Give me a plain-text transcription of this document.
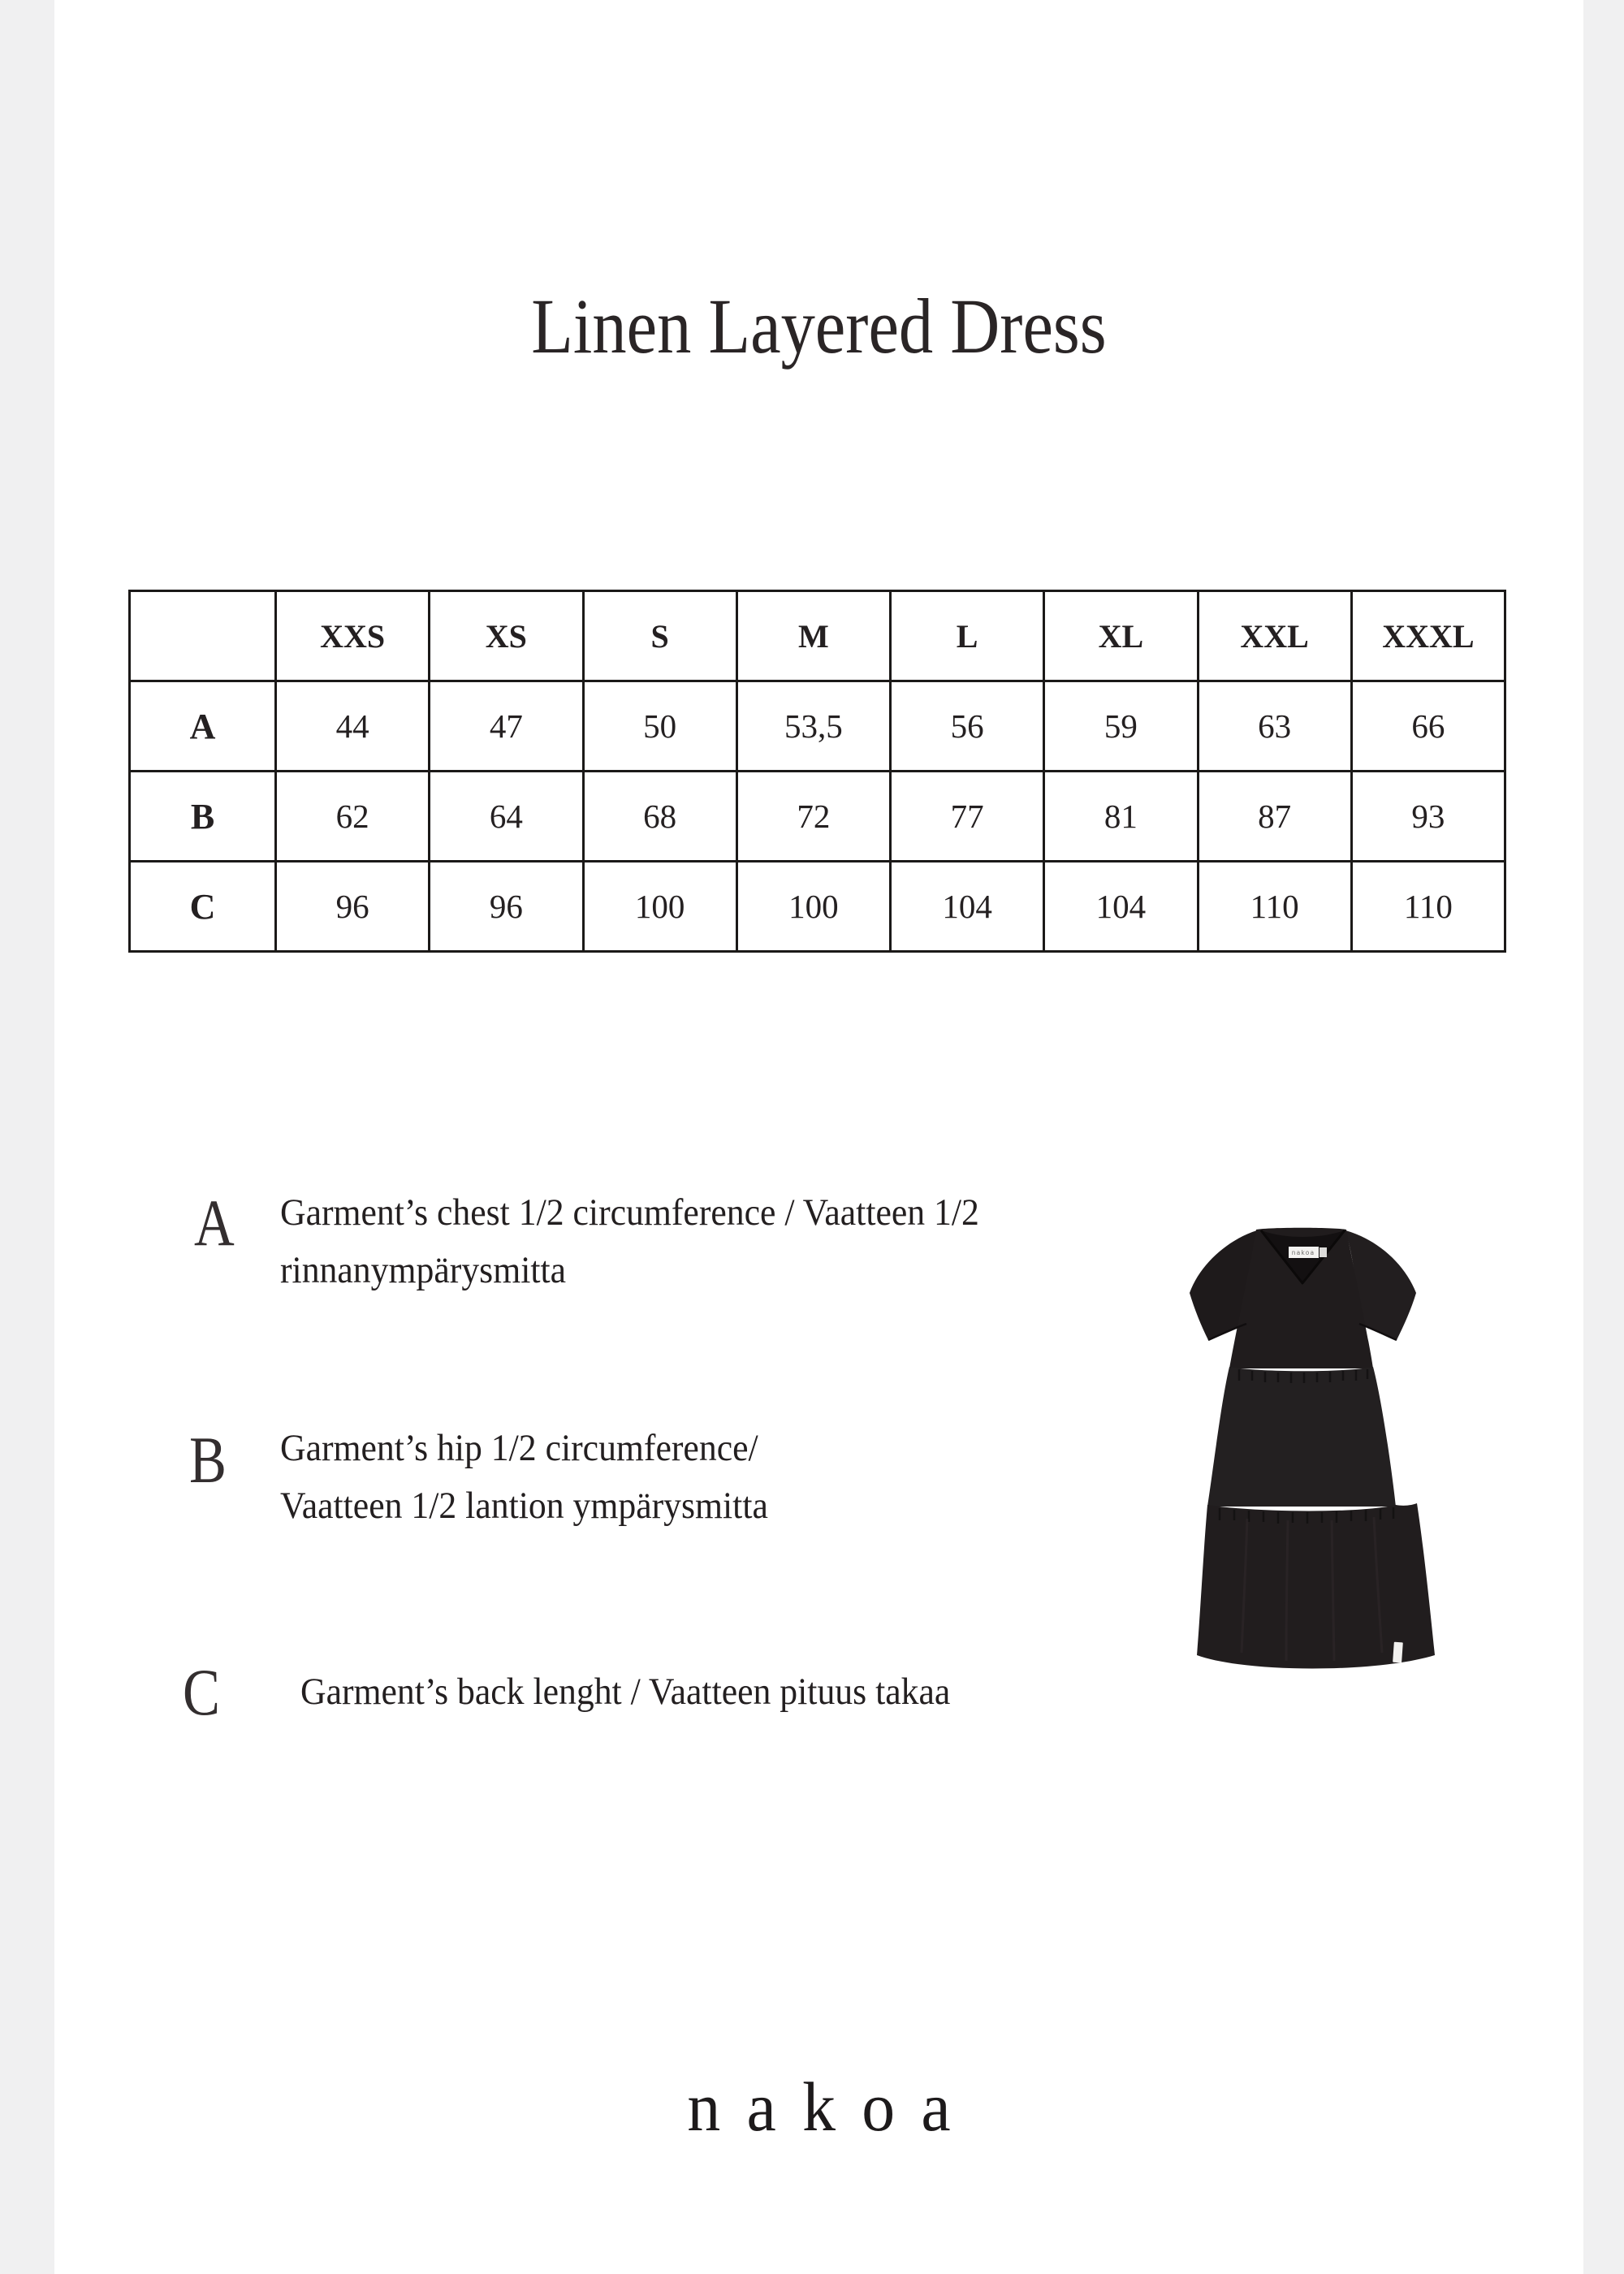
Linen Layered Dress
	XXS	XS	S	M	L	XL	XXL	XXXL
A	44	47	50	53,5	56	59	63	66
B	62	64	68	72	77	81	87	93
C	96	96	100	100	104	104	110	110
A Garment’s chest 1/2 circumference / Vaatteen 1/2
rinnanympärysmitta
B Garment’s hip 1/2 circumference/
Vaatteen 1/2 lantion ympärysmitta
C Garment’s back lenght / Vaatteen pituus takaa
nakoa
nakoa
